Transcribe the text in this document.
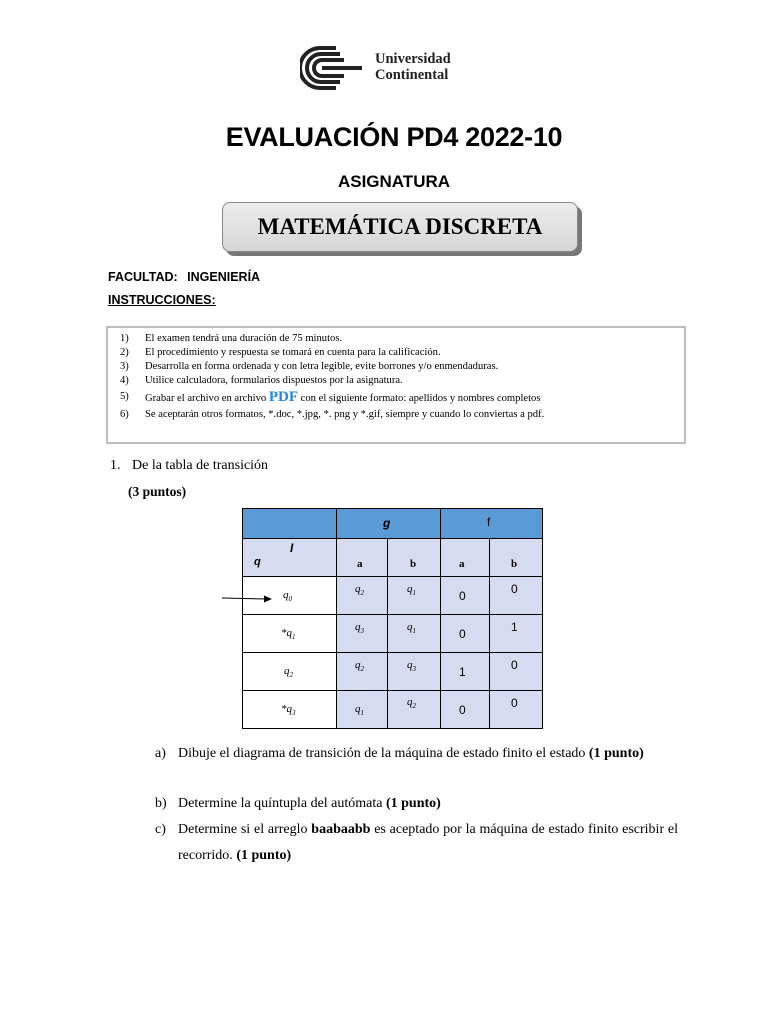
Universidad
Continental
EVALUACIÓN PD4 2022-10
ASIGNATURA
MATEMÁTICA DISCRETA
FACULTAD: INGENIERÍA
INSTRUCCIONES:
1) El examen tendrá una duración de 75 minutos.
2) El procedimiento y respuesta se tomará en cuenta para la calificación.
3) Desarrolla en forma ordenada y con letra legible, evite borrones y/o enmendaduras.
4) Utilice calculadora, formularios dispuestos por la asignatura.
5) Grabar el archivo en archivo PDF con el siguiente formato: apellidos y nombres completos
6) Se aceptarán otros formatos, *.doc, *.jpg, *. png y *.gif, siempre y cuando lo conviertas a pdf.
1. De la tabla de transición
(3 puntos)

	g		f	

I
q	a	b	a	b

$q_0$	$q_2$	$q_1$	0	0

$*q_1$	$q_3$	$q_1$	0	1

$q_2$	$q_2$	$q_3$	1	0

$*q_3$	$q_1$	$q_2$	0	0
a) Dibuje el diagrama de transición de la máquina de estado finito el estado (1 punto)
b) Determine la quíntupla del autómata (1 punto)
c) Determine si el arreglo baabaabb es aceptado por la máquina de estado finito escribir el recorrido. (1 punto)
